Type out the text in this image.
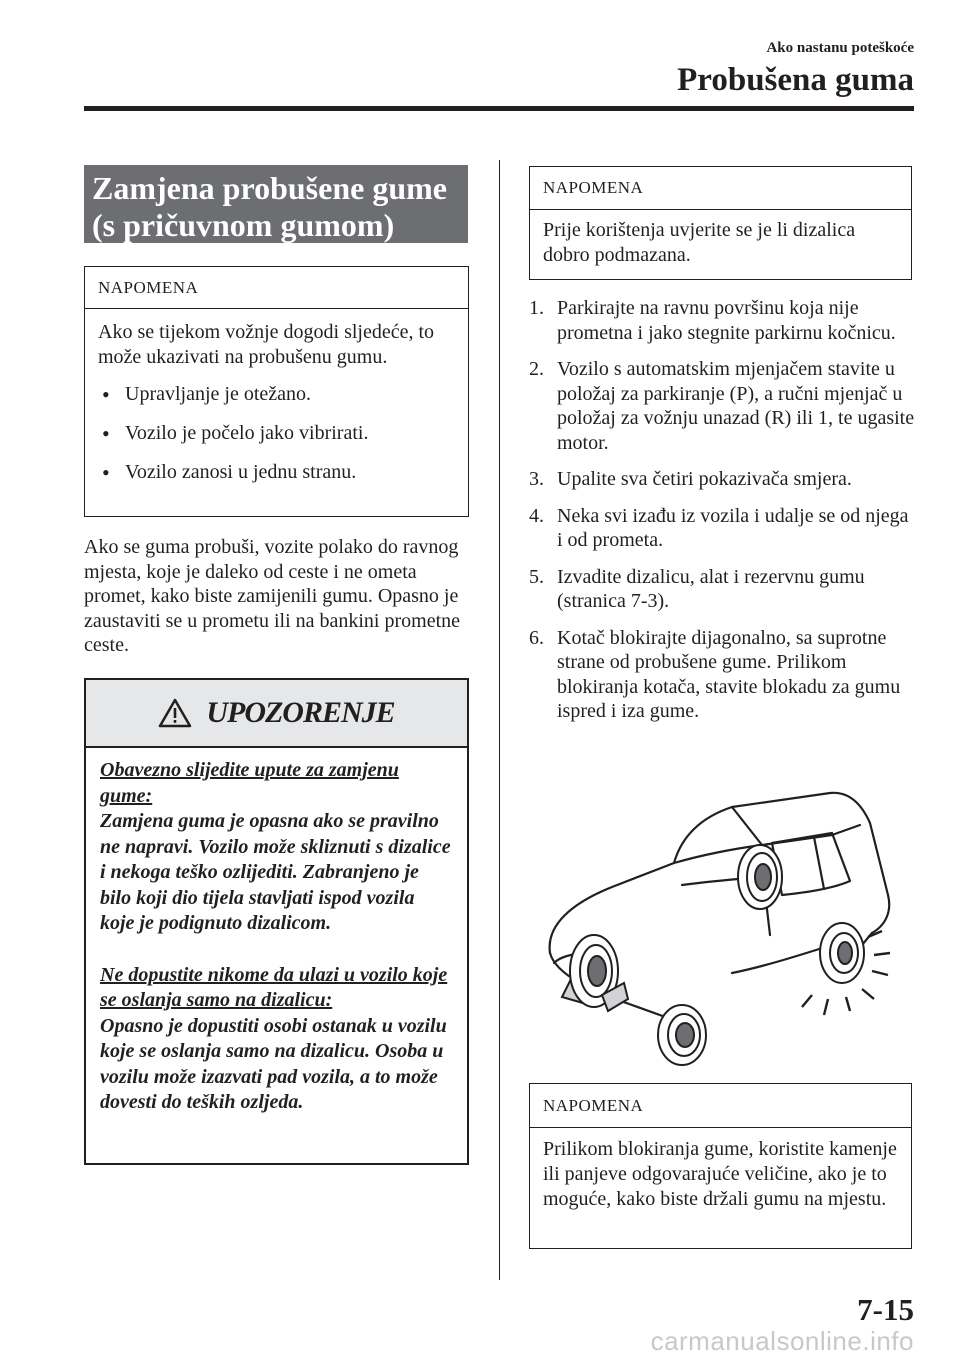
Ako nastanu poteškoće
Probušena guma
Zamjena probušene gume
(s pričuvnom gumom)
NAPOMENA

Ako se tijekom vožnje dogodi sljedeće, to može ukazivati na probušenu gumu.

• Upravljanje je otežano.
• Vozilo je počelo jako vibrirati.
• Vozilo zanosi u jednu stranu.
Ako se guma probuši, vozite polako do ravnog mjesta, koje je daleko od ceste i ne ometa promet, kako biste zamijenili gumu. Opasno je zaustaviti se u prometu ili na bankini prometne ceste.
UPOZORENJE

Obavezno slijedite upute za zamjenu gume:

Zamjena guma je opasna ako se pravilno ne napravi. Vozilo može skliznuti s dizalice i nekoga teško ozlijediti. Zabranjeno je bilo koji dio tijela stavljati ispod vozila koje je podignuto dizalicom.

Ne dopustite nikome da ulazi u vozilo koje se oslanja samo na dizalicu:

Opasno je dopustiti osobi ostanak u vozilu koje se oslanja samo na dizalicu. Osoba u vozilu može izazvati pad vozila, a to može dovesti do teških ozljeda.

NAPOMENA

Prije korištenja uvjerite se je li dizalica dobro podmazana.

1. Parkirajte na ravnu površinu koja nije prometna i jako stegnite parkirnu kočnicu.
2. Vozilo s automatskim mjenjačem stavite u položaj za parkiranje (P), a ručni mjenjač u položaj za vožnju unazad (R) ili 1, te ugasite motor.
3. Upalite sva četiri pokazivača smjera.
4. Neka svi izađu iz vozila i udalje se od njega i od prometa.
5. Izvadite dizalicu, alat i rezervnu gumu (stranica 7-3).
6. Kotač blokirajte dijagonalno, sa suprotne strane od probušene gume. Prilikom blokiranja kotača, stavite blokadu za gumu ispred i iza gume.
NAPOMENA

Prilikom blokiranja gume, koristite kamenje ili panjeve odgovarajuće veličine, ako je to moguće, kako biste držali gumu na mjestu.

7-15
carmanualsonline.info
